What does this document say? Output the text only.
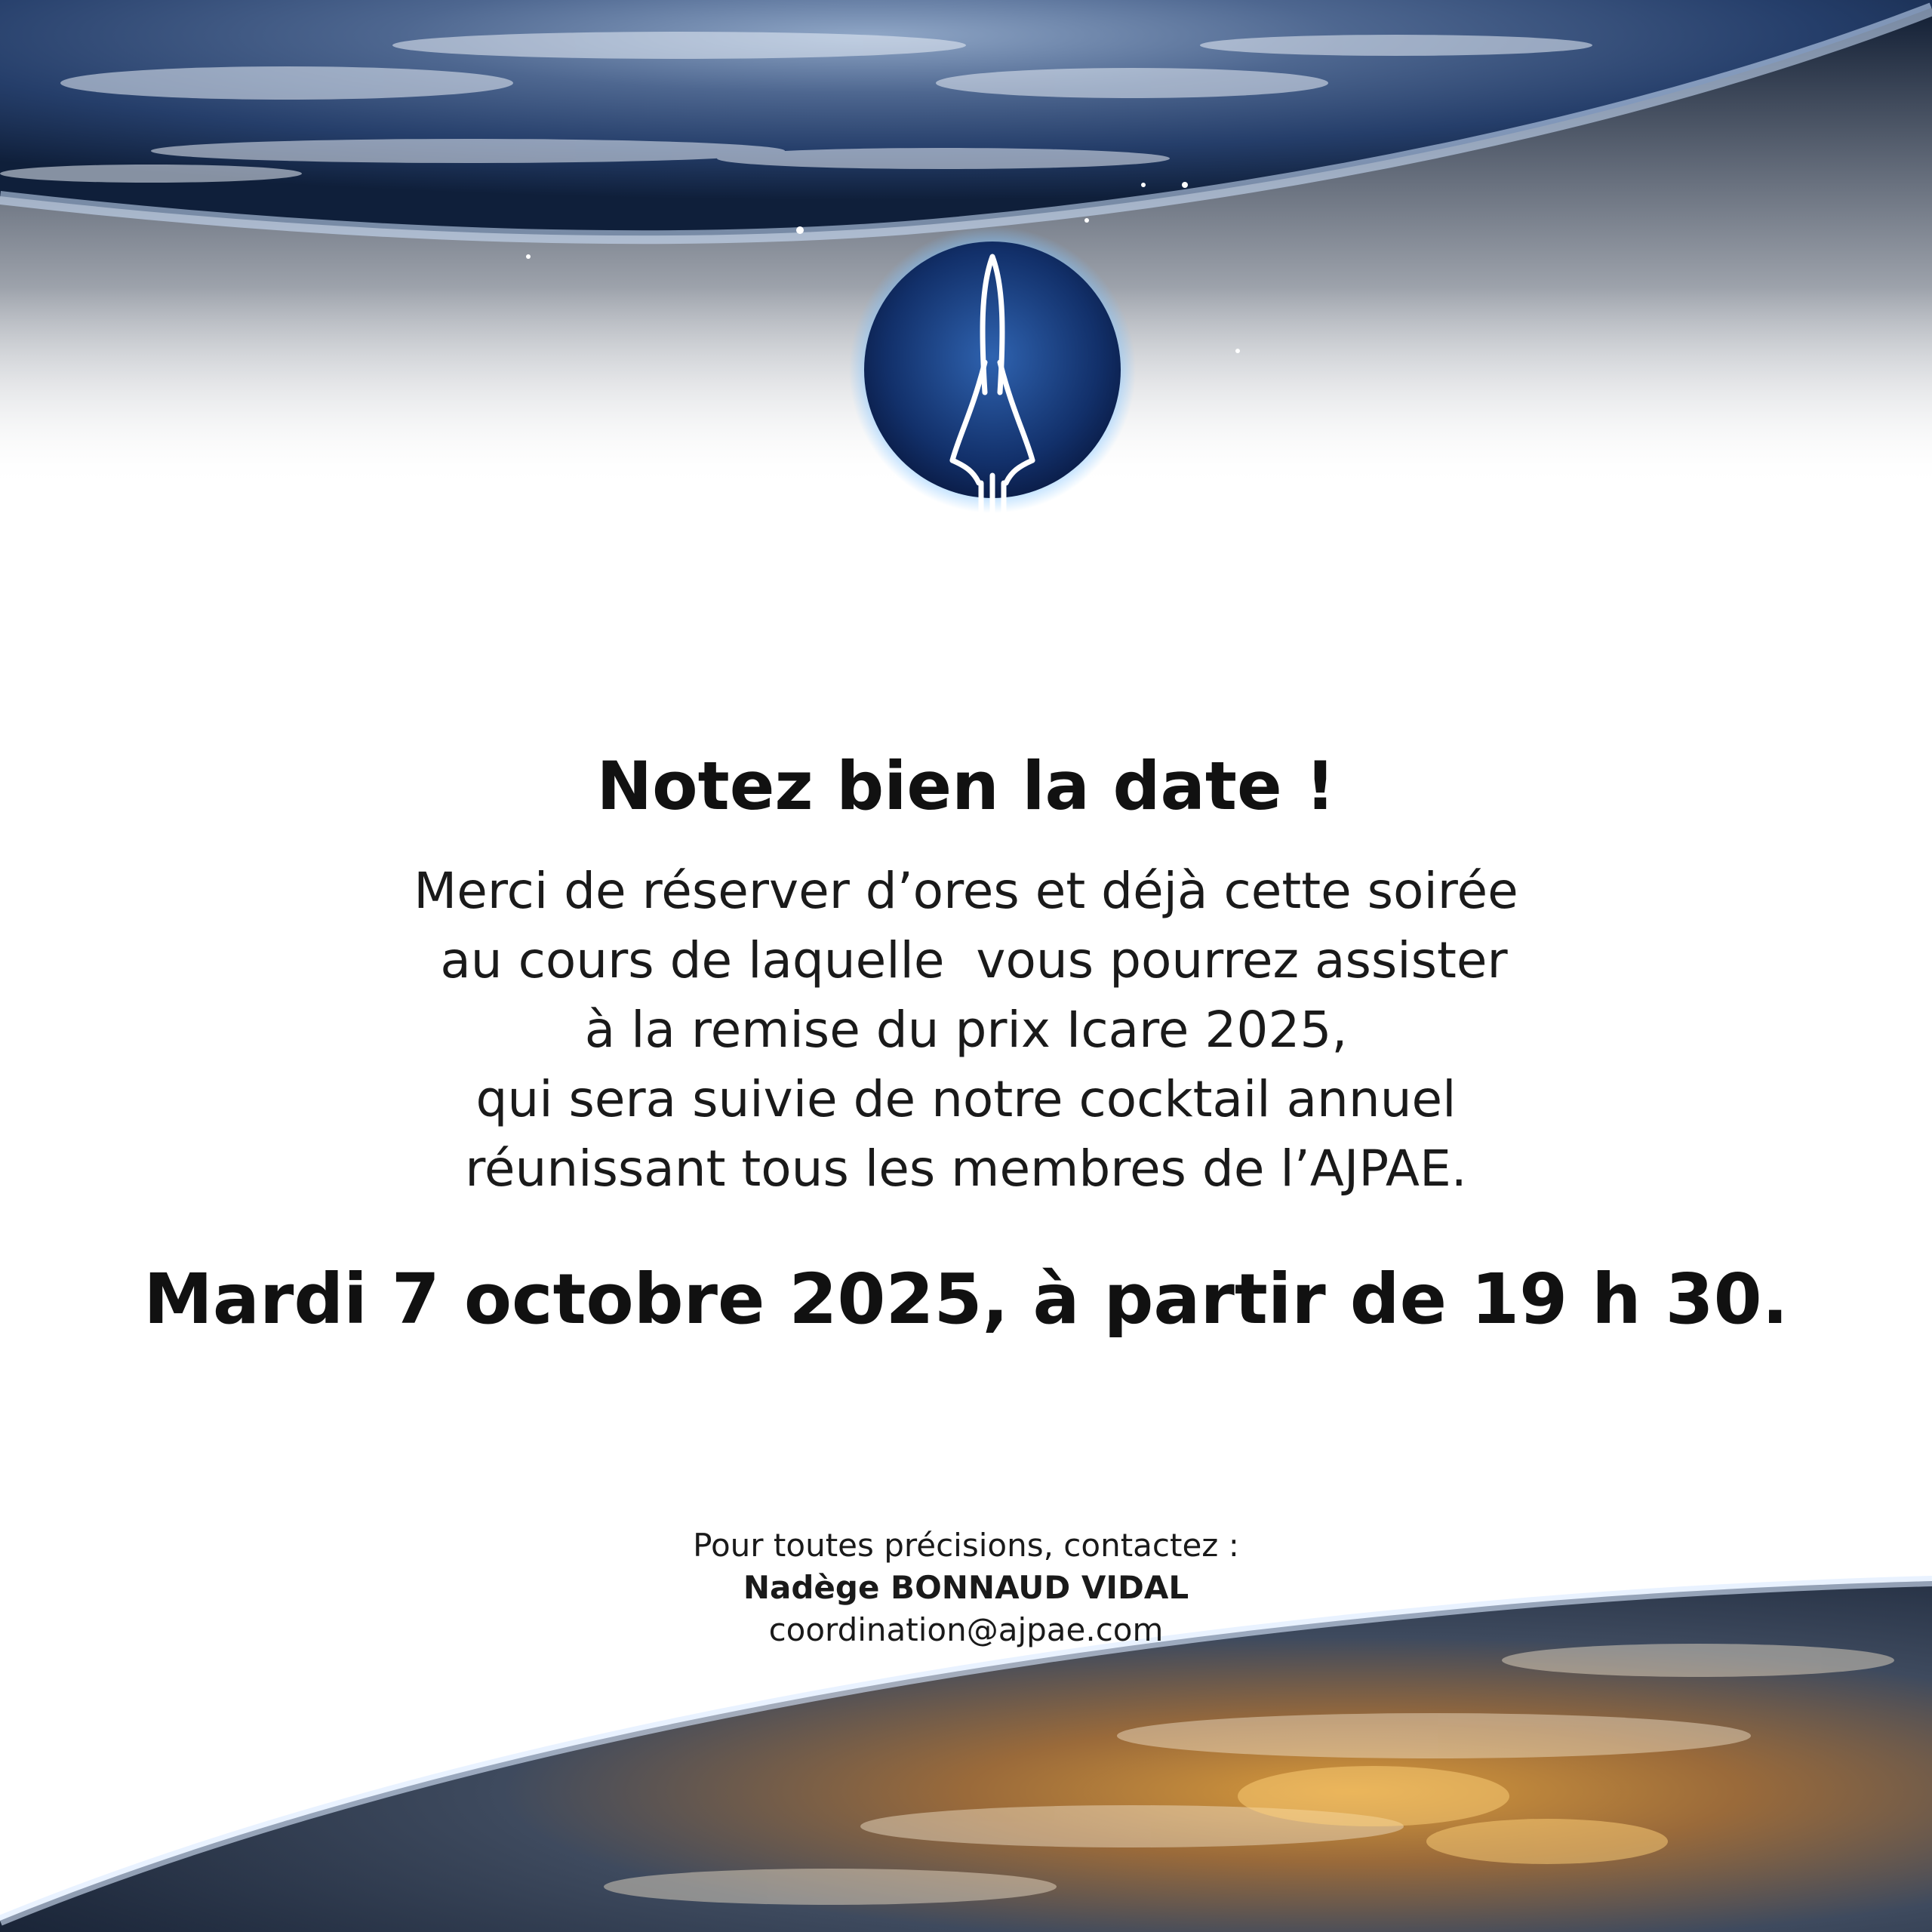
Notez bien la date !
Merci de réserver d’ores et déjà cette soirée
au cours de laquelle  vous pourrez assister
à la remise du prix Icare 2025,
qui sera suivie de notre cocktail annuel
réunissant tous les membres de l’AJPAE.
Mardi 7 octobre 2025, à partir de 19 h 30.
Pour toutes précisions, contactez :
Nadège BONNAUD VIDAL
coordination@ajpae.com
